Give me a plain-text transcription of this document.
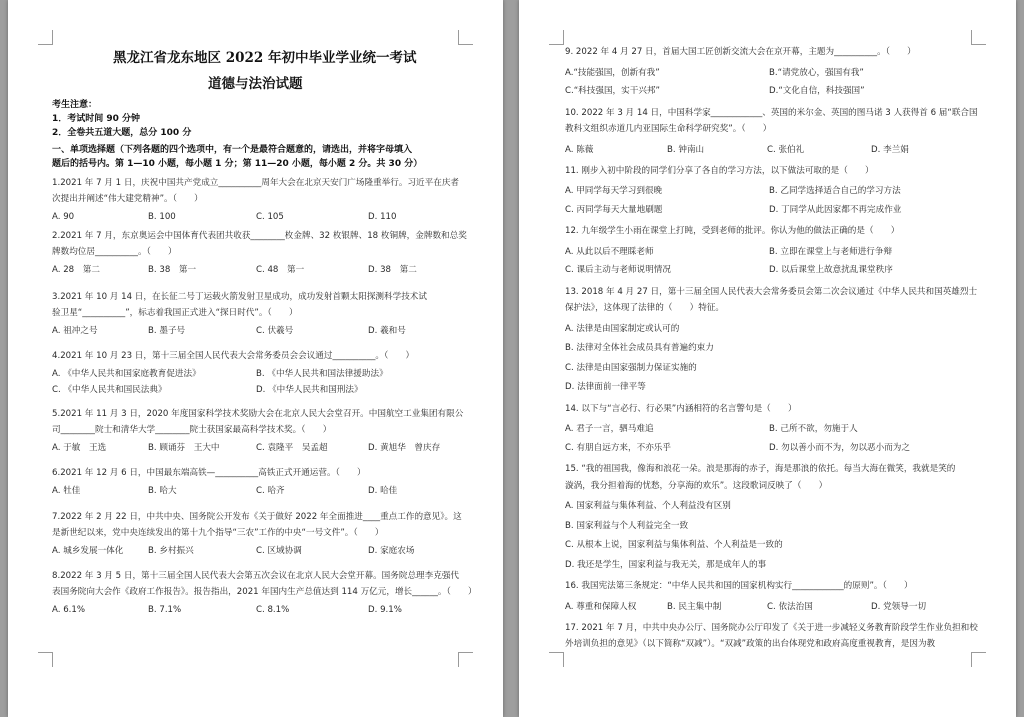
黑龙江省龙东地区 2022 年初中毕业学业统一考试
道德与法治试题
考生注意：
1．考试时间 90 分钟
2．全卷共五道大题，总分 100 分
一、单项选择题（下列各题的四个选项中，有一个是最符合题意的，请选出，并将字母填入
题后的括号内。第 1—10 小题，每小题 1 分；第 11—20 小题，每小题 2 分。共 30 分）
1.2021 年 7 月 1 日，庆祝中国共产党成立__________周年大会在北京天安门广场隆重举行。习近平在庆者
次提出并阐述“伟大建党精神”。（　　）
A. 90	B. 100	C. 105	D. 110
2.2021 年 7 月，东京奥运会中国体育代表团共收获________枚金牌、32 枚银牌、18 枚铜牌，金牌数和总奖
牌数均位居__________。（　　）
A. 28　第二	B. 38　第一	C. 48　第一	D. 38　第二
3.2021 年 10 月 14 日，在长征二号丁运载火箭发射卫星成功，成功发射首颗太阳探测科学技术试
验卫星“__________”，标志着我国正式进入“探日时代”。（　　）
A. 祖冲之号	B. 墨子号	C. 伏羲号	D. 羲和号
4.2021 年 10 月 23 日，第十三届全国人民代表大会常务委员会会议通过__________。（　　）
A. 《中华人民共和国家庭教育促进法》	B. 《中华人民共和国法律援助法》
C. 《中华人民共和国民法典》	D. 《中华人民共和国刑法》
5.2021 年 11 月 3 日，2020 年度国家科学技术奖励大会在北京人民大会堂召开。中国航空工业集团有限公
司________院士和清华大学________院士获国家最高科学技术奖。（　　）
A. 于敏　王选	B. 顾诵芬　王大中	C. 袁隆平　吴孟超	D. 黄旭华　曾庆存
6.2021 年 12 月 6 日，中国最东端高铁—__________高铁正式开通运营。（　　）
A. 牡佳	B. 哈大	C. 哈齐	D. 哈佳
7.2022 年 2 月 22 日，中共中央、国务院公开发布《关于做好 2022 年全面推进____重点工作的意见》。这
是新世纪以来，党中央连续发出的第十九个指导“三农”工作的中央“一号文件”。（　　）
A. 城乡发展一体化	B. 乡村振兴	C. 区域协调	D. 家庭农场
8.2022 年 3 月 5 日，第十三届全国人民代表大会第五次会议在北京人民大会堂开幕。国务院总理李克强代
表国务院向大会作《政府工作报告》。报告指出，2021 年国内生产总值达到 114 万亿元，增长______。（　　）
A. 6.1%	B. 7.1%	C. 8.1%	D. 9.1%
9. 2022 年 4 月 27 日，首届大国工匠创新交流大会在京开幕，主题为__________。（　　）
A.“技能强国，创新有我”	B.“请党放心，强国有我”
C.“科技强国，实干兴邦”	D.“文化自信，科技强国”
10. 2022 年 3 月 14 日，中国科学家____________、英国的米尔金、英国的图马诺 3 人获得首 6 届“联合国
教科文组织赤道几内亚国际生命科学研究奖”。（　　）
A. 陈薇	B. 钟南山	C. 张伯礼	D. 李兰娟
11. 刚步入初中阶段的同学们分享了各自的学习方法，以下做法可取的是（　　）
A. 甲同学每天学习到很晚	B. 乙同学选择适合自己的学习方法
C. 丙同学每天大量地刷题	D. 丁同学从此因家都不再完成作业
12. 九年级学生小雨在课堂上打盹，受到老师的批评。你认为他的做法正确的是（　　）
A. 从此以后不理睬老师	B. 立即在课堂上与老师进行争辩
C. 课后主动与老师说明情况	D. 以后课堂上故意扰乱课堂秩序
13. 2018 年 4 月 27 日，第十三届全国人民代表大会常务委员会第二次会议通过《中华人民共和国英雄烈士
保护法》，这体现了法律的（　　）特征。
A. 法律是由国家制定或认可的
B. 法律对全体社会成员具有普遍约束力
C. 法律是由国家强制力保证实施的
D. 法律面前一律平等
14. 以下与“言必行、行必果”内涵相符的名言警句是（　　）
A. 君子一言，驷马难追	B. 己所不欲，勿施于人
C. 有朋自远方来，不亦乐乎	D. 勿以善小而不为，勿以恶小而为之
15. “我的祖国我，像海和浪花一朵。浪是那海的赤子，海是那浪的依托。每当大海在微笑，我就是笑的
漩涡，我分担着海的忧愁，分享海的欢乐”。这段歌词反映了（　　）
A. 国家利益与集体利益、个人利益没有区别
B. 国家利益与个人利益完全一致
C. 从根本上说，国家利益与集体利益、个人利益是一致的
D. 我还是学生，国家利益与我无关，那是成年人的事
16. 我国宪法第三条规定：“中华人民共和国的国家机构实行____________的原则”。（　　）
A. 尊重和保障人权	B. 民主集中制	C. 依法治国	D. 党领导一切
17. 2021 年 7 月，中共中央办公厅、国务院办公厅印发了《关于进一步减轻义务教育阶段学生作业负担和校
外培训负担的意见》（以下简称“双减”）。“双减”政策的出台体现党和政府高度重视教育，是因为教
